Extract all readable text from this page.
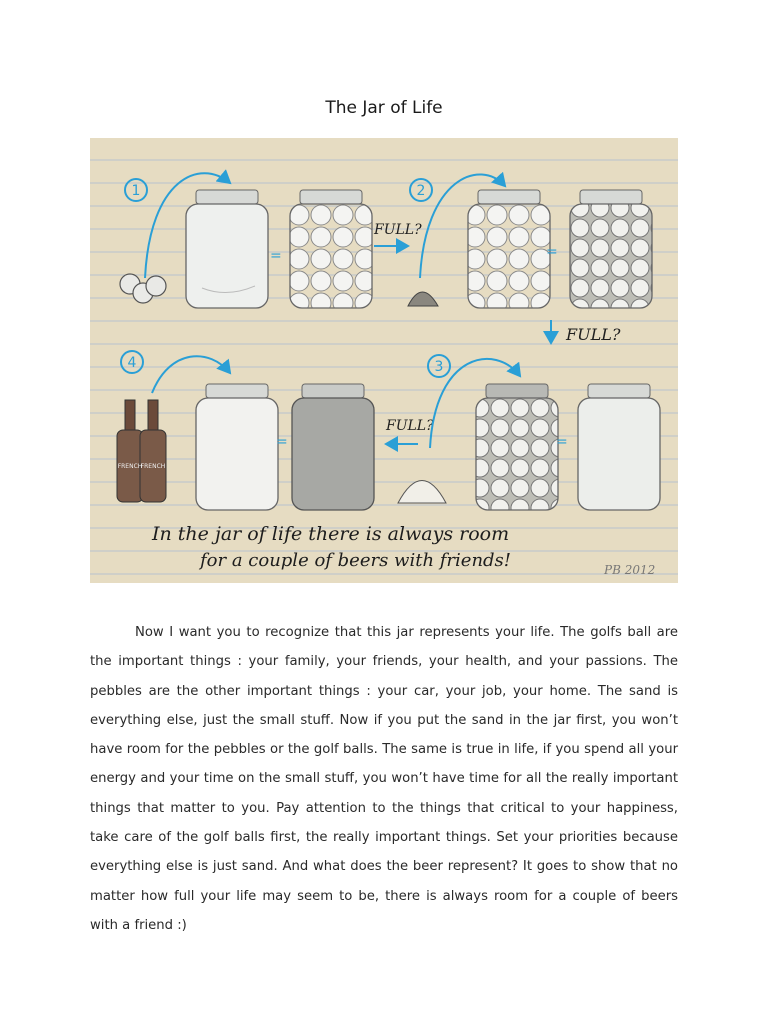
The Jar of Life
1
=
FULL?
2
=
FULL?
4
FRENCH
FRENCH
=
FULL?
3
=
In the jar of life there is always room
for a couple of beers with friends!	PB 2012
Now I want you to recognize that this jar represents your life. The golfs ball are the important things : your family, your friends, your health, and your passions. The pebbles are the other important things : your car, your job, your home. The sand is everything else, just the small stuff. Now if you put the sand in the jar first, you won’t have room for the pebbles or the golf balls. The same is true in life, if you spend all your energy and your time on the small stuff, you won’t have time for all the really important things that matter to you. Pay attention to the things that critical to your happiness, take care of the golf balls first, the really important things. Set your priorities because everything else is just sand. And what does the beer represent? It goes to show that no matter how full your life may seem to be, there is always room for a couple of beers with a friend :)
